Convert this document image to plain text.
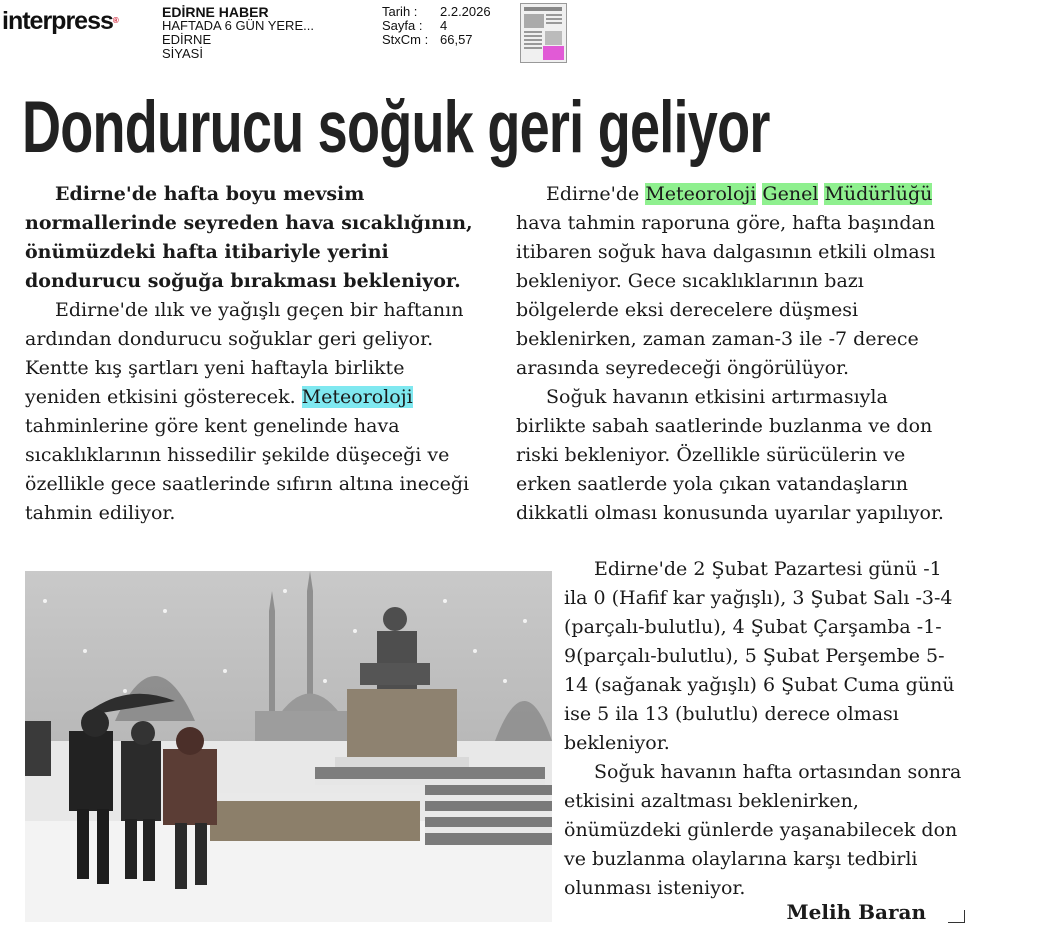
interpress®
EDİRNE HABER
HAFTADA 6 GÜN YERE...
EDİRNE
SİYASİ
Tarih :	2.2.2026
Sayfa :	4
StxCm : 66,57
Dondurucu soğuk geri geliyor

Edirne'de hafta boyu mevsim normallerinde seyreden hava sıcaklığının, önümüzdeki hafta itibariyle yerini dondurucu soğuğa bırakması bekleniyor.

Edirne'de ılık ve yağışlı geçen bir haftanın ardından dondurucu soğuklar geri geliyor. Kentte kış şartları yeni haftayla birlikte yeniden etkisini gösterecek. Meteoroloji tahminlerine göre kent genelinde hava sıcaklıklarının hissedilir şekilde düşeceği ve özellikle gece saatlerinde sıfırın altına ineceği tahmin ediliyor.

Edirne'de Meteoroloji Genel Müdürlüğü hava tahmin raporuna göre, hafta başından itibaren soğuk hava dalgasının etkili olması bekleniyor. Gece sıcaklıklarının bazı bölgelerde eksi derecelere düşmesi beklenirken, zaman zaman-3 ile -7 derece arasında seyredeceği öngörülüyor.

Soğuk havanın etkisini artırmasıyla birlikte sabah saatlerinde buzlanma ve don riski bekleniyor. Özellikle sürücülerin ve erken saatlerde yola çıkan vatandaşların dikkatli olması konusunda uyarılar yapılıyor.

Edirne'de 2 Şubat Pazartesi günü -1 ila 0 (Hafif kar yağışlı), 3 Şubat Salı -3-4 (parçalı-bulutlu), 4 Şubat Çarşamba -1-9(parçalı-bulutlu), 5 Şubat Perşembe 5-14 (sağanak yağışlı) 6 Şubat Cuma günü ise 5 ila 13 (bulutlu) derece olması bekleniyor.

Soğuk havanın hafta ortasından sonra etkisini azaltması beklenirken, önümüzdeki günlerde yaşanabilecek don ve buzlanma olaylarına karşı tedbirli olunması isteniyor.

Melih Baran
